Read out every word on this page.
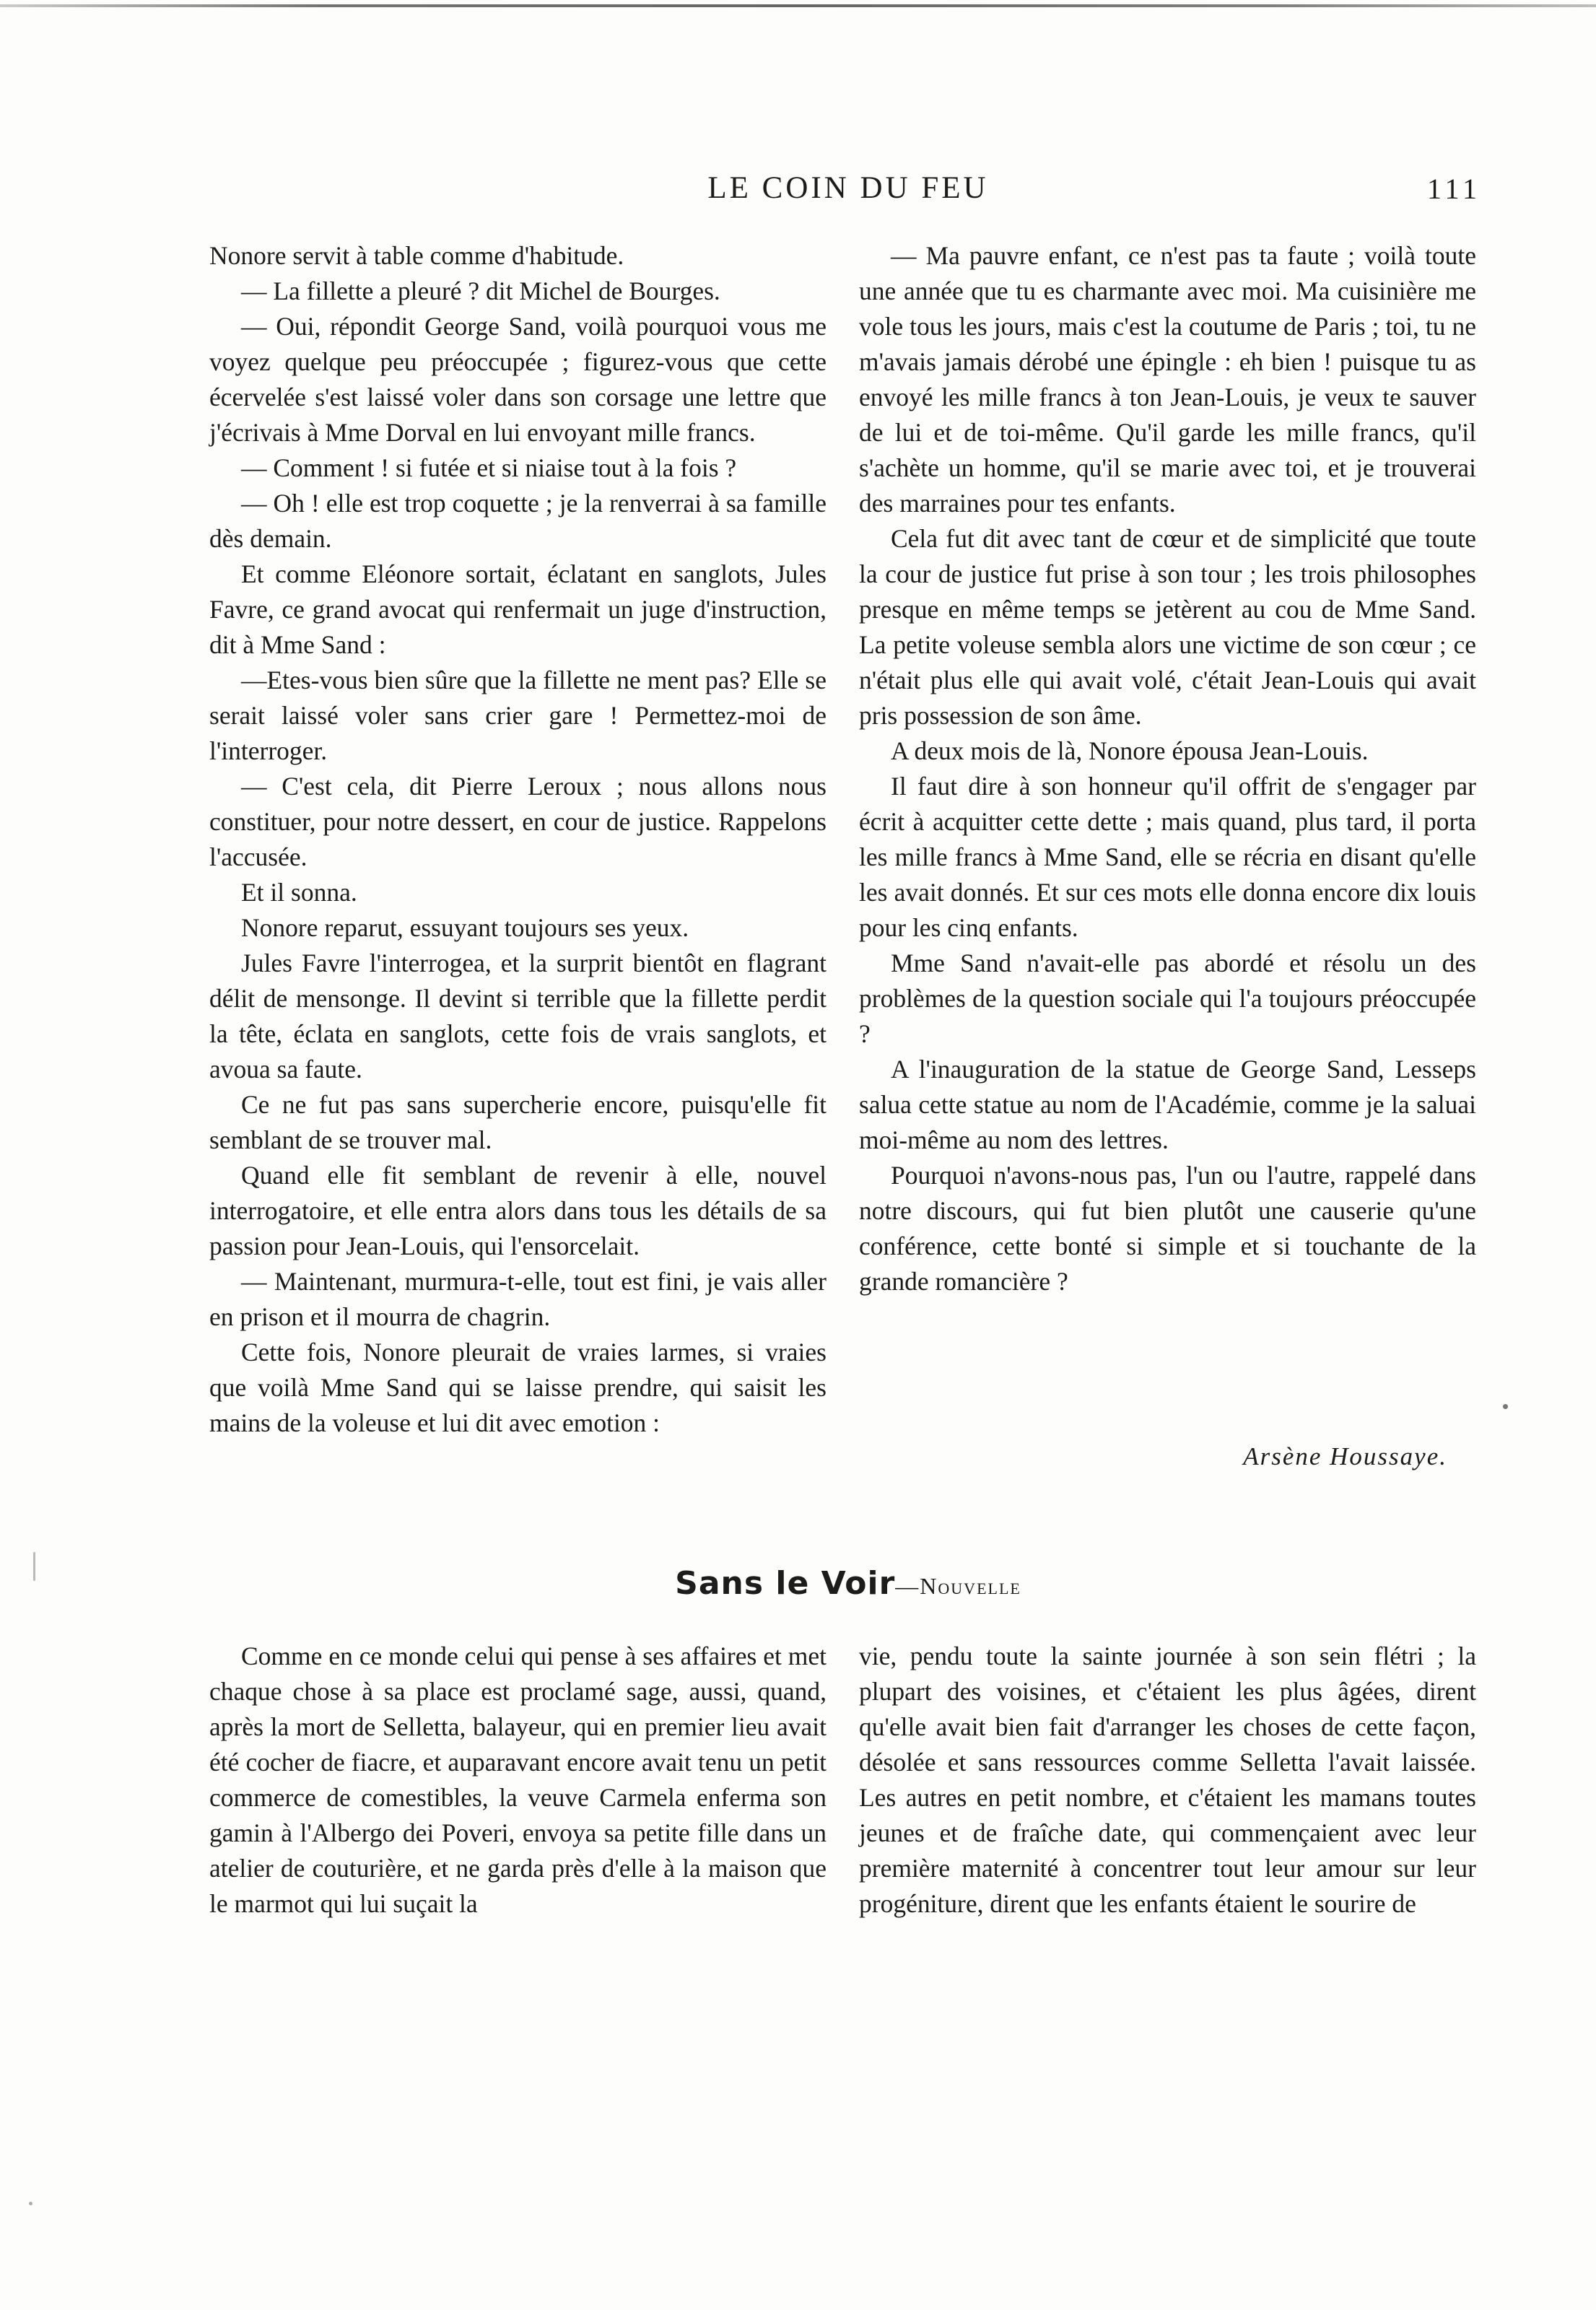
LE COIN DU FEU	111

Nonore servit à table comme d'habitude.

— La fillette a pleuré ? dit Michel de Bourges.

— Oui, répondit George Sand, voilà pourquoi vous me voyez quelque peu préoccupée ; figurez-vous que cette écervelée s'est laissé voler dans son corsage une lettre que j'écrivais à Mme Dorval en lui envoyant mille francs.

— Comment ! si futée et si niaise tout à la fois ?

— Oh ! elle est trop coquette ; je la renverrai à sa famille dès demain.

Et comme Eléonore sortait, éclatant en sanglots, Jules Favre, ce grand avocat qui renfermait un juge d'instruction, dit à Mme Sand :

—Etes-vous bien sûre que la fillette ne ment pas? Elle se serait laissé voler sans crier gare ! Permettez-moi de l'interroger.

— C'est cela, dit Pierre Leroux ; nous allons nous constituer, pour notre dessert, en cour de justice. Rappelons l'accusée.

Et il sonna.

Nonore reparut, essuyant toujours ses yeux.

Jules Favre l'interrogea, et la surprit bientôt en flagrant délit de mensonge. Il devint si terrible que la fillette perdit la tête, éclata en sanglots, cette fois de vrais sanglots, et avoua sa faute.

Ce ne fut pas sans supercherie encore, puisqu'elle fit semblant de se trouver mal.

Quand elle fit semblant de revenir à elle, nouvel interrogatoire, et elle entra alors dans tous les détails de sa passion pour Jean-Louis, qui l'ensorcelait.

— Maintenant, murmura-t-elle, tout est fini, je vais aller en prison et il mourra de chagrin.

Cette fois, Nonore pleurait de vraies larmes, si vraies que voilà Mme Sand qui se laisse prendre, qui saisit les mains de la voleuse et lui dit avec emotion :

— Ma pauvre enfant, ce n'est pas ta faute ; voilà toute une année que tu es charmante avec moi. Ma cuisinière me vole tous les jours, mais c'est la coutume de Paris ; toi, tu ne m'avais jamais dérobé une épingle : eh bien ! puisque tu as envoyé les mille francs à ton Jean-Louis, je veux te sauver de lui et de toi-même. Qu'il garde les mille francs, qu'il s'achète un homme, qu'il se marie avec toi, et je trouverai des marraines pour tes enfants.

Cela fut dit avec tant de cœur et de simplicité que toute la cour de justice fut prise à son tour ; les trois philosophes presque en même temps se jetèrent au cou de Mme Sand. La petite voleuse sembla alors une victime de son cœur ; ce n'était plus elle qui avait volé, c'était Jean-Louis qui avait pris possession de son âme.

A deux mois de là, Nonore épousa Jean-Louis.

Il faut dire à son honneur qu'il offrit de s'engager par écrit à acquitter cette dette ; mais quand, plus tard, il porta les mille francs à Mme Sand, elle se récria en disant qu'elle les avait donnés. Et sur ces mots elle donna encore dix louis pour les cinq enfants.

Mme Sand n'avait-elle pas abordé et résolu un des problèmes de la question sociale qui l'a toujours préoccupée ?

A l'inauguration de la statue de George Sand, Lesseps salua cette statue au nom de l'Académie, comme je la saluai moi-même au nom des lettres.

Pourquoi n'avons-nous pas, l'un ou l'autre, rappelé dans notre discours, qui fut bien plutôt une causerie qu'une conférence, cette bonté si simple et si touchante de la grande romancière ?

Arsène Houssaye.
Sans le Voir—Nouvelle

Comme en ce monde celui qui pense à ses affaires et met chaque chose à sa place est proclamé sage, aussi, quand, après la mort de Selletta, balayeur, qui en premier lieu avait été cocher de fiacre, et auparavant encore avait tenu un petit commerce de comestibles, la veuve Carmela enferma son gamin à l'Albergo dei Poveri, envoya sa petite fille dans un atelier de couturière, et ne garda près d'elle à la maison que le marmot qui lui suçait la

vie, pendu toute la sainte journée à son sein flétri ; la plupart des voisines, et c'étaient les plus âgées, dirent qu'elle avait bien fait d'arranger les choses de cette façon, désolée et sans ressources comme Selletta l'avait laissée. Les autres en petit nombre, et c'étaient les mamans toutes jeunes et de fraîche date, qui commençaient avec leur première maternité à concentrer tout leur amour sur leur progéniture, dirent que les enfants étaient le sourire de
